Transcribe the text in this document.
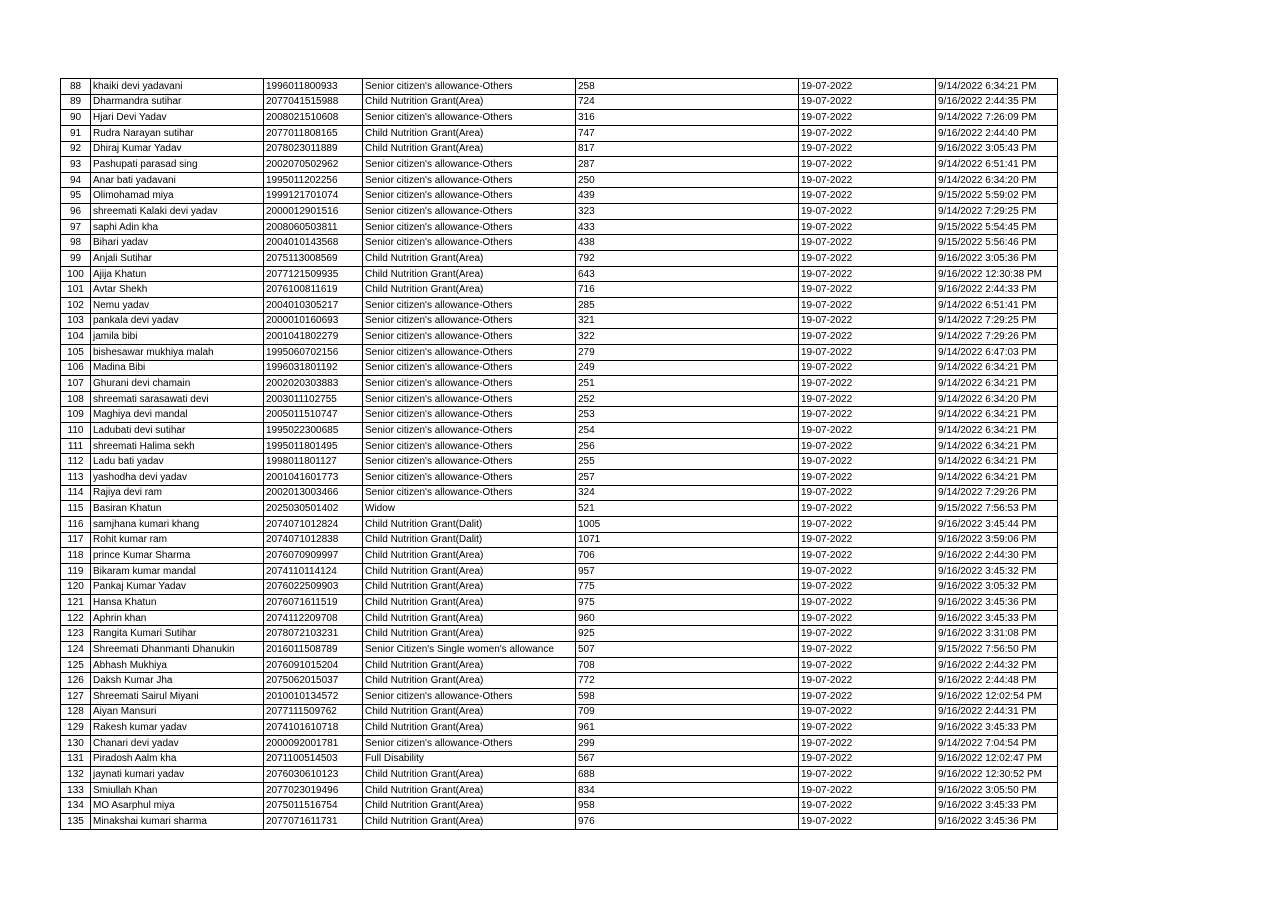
88	khaiki devi yadavani	1996011800933	Senior citizen's allowance-Others	258	19-07-2022	9/14/2022 6:34:21 PM
89	Dharmandra sutihar	2077041515988	Child Nutrition Grant(Area)	724	19-07-2022	9/16/2022 2:44:35 PM
90	Hjari Devi Yadav	2008021510608	Senior citizen's allowance-Others	316	19-07-2022	9/14/2022 7:26:09 PM
91	Rudra Narayan sutihar	2077011808165	Child Nutrition Grant(Area)	747	19-07-2022	9/16/2022 2:44:40 PM
92	Dhiraj Kumar Yadav	2078023011889	Child Nutrition Grant(Area)	817	19-07-2022	9/16/2022 3:05:43 PM
93	Pashupati parasad sing	2002070502962	Senior citizen's allowance-Others	287	19-07-2022	9/14/2022 6:51:41 PM
94	Anar bati yadavani	1995011202256	Senior citizen's allowance-Others	250	19-07-2022	9/14/2022 6:34:20 PM
95	Olimohamad miya	1999121701074	Senior citizen's allowance-Others	439	19-07-2022	9/15/2022 5:59:02 PM
96	shreemati Kalaki devi yadav	2000012901516	Senior citizen's allowance-Others	323	19-07-2022	9/14/2022 7:29:25 PM
97	saphi Adin kha	2008060503811	Senior citizen's allowance-Others	433	19-07-2022	9/15/2022 5:54:45 PM
98	Bihari yadav	2004010143568	Senior citizen's allowance-Others	438	19-07-2022	9/15/2022 5:56:46 PM
99	Anjali Sutihar	2075113008569	Child Nutrition Grant(Area)	792	19-07-2022	9/16/2022 3:05:36 PM
100	Ajija Khatun	2077121509935	Child Nutrition Grant(Area)	643	19-07-2022	9/16/2022 12:30:38 PM
101	Avtar Shekh	2076100811619	Child Nutrition Grant(Area)	716	19-07-2022	9/16/2022 2:44:33 PM
102	Nemu yadav	2004010305217	Senior citizen's allowance-Others	285	19-07-2022	9/14/2022 6:51:41 PM
103	pankala devi yadav	2000010160693	Senior citizen's allowance-Others	321	19-07-2022	9/14/2022 7:29:25 PM
104	jamila bibi	2001041802279	Senior citizen's allowance-Others	322	19-07-2022	9/14/2022 7:29:26 PM
105	bishesawar mukhiya malah	1995060702156	Senior citizen's allowance-Others	279	19-07-2022	9/14/2022 6:47:03 PM
106	Madina Bibi	1996031801192	Senior citizen's allowance-Others	249	19-07-2022	9/14/2022 6:34:21 PM
107	Ghurani devi chamain	2002020303883	Senior citizen's allowance-Others	251	19-07-2022	9/14/2022 6:34:21 PM
108	shreemati sarasawati devi	2003011102755	Senior citizen's allowance-Others	252	19-07-2022	9/14/2022 6:34:20 PM
109	Maghiya devi mandal	2005011510747	Senior citizen's allowance-Others	253	19-07-2022	9/14/2022 6:34:21 PM
110	Ladubati devi sutihar	1995022300685	Senior citizen's allowance-Others	254	19-07-2022	9/14/2022 6:34:21 PM
111	shreemati Halima sekh	1995011801495	Senior citizen's allowance-Others	256	19-07-2022	9/14/2022 6:34:21 PM
112	Ladu bati yadav	1998011801127	Senior citizen's allowance-Others	255	19-07-2022	9/14/2022 6:34:21 PM
113	yashodha devi yadav	2001041601773	Senior citizen's allowance-Others	257	19-07-2022	9/14/2022 6:34:21 PM
114	Rajiya devi ram	2002013003466	Senior citizen's allowance-Others	324	19-07-2022	9/14/2022 7:29:26 PM
115	Basiran Khatun	2025030501402	Widow	521	19-07-2022	9/15/2022 7:56:53 PM
116	samjhana kumari khang	2074071012824	Child Nutrition Grant(Dalit)	1005	19-07-2022	9/16/2022 3:45:44 PM
117	Rohit kumar ram	2074071012838	Child Nutrition Grant(Dalit)	1071	19-07-2022	9/16/2022 3:59:06 PM
118	prince Kumar Sharma	2076070909997	Child Nutrition Grant(Area)	706	19-07-2022	9/16/2022 2:44:30 PM
119	Bikaram kumar mandal	2074110114124	Child Nutrition Grant(Area)	957	19-07-2022	9/16/2022 3:45:32 PM
120	Pankaj Kumar Yadav	2076022509903	Child Nutrition Grant(Area)	775	19-07-2022	9/16/2022 3:05:32 PM
121	Hansa Khatun	2076071611519	Child Nutrition Grant(Area)	975	19-07-2022	9/16/2022 3:45:36 PM
122	Aphrin khan	2074112209708	Child Nutrition Grant(Area)	960	19-07-2022	9/16/2022 3:45:33 PM
123	Rangita Kumari Sutihar	2078072103231	Child Nutrition Grant(Area)	925	19-07-2022	9/16/2022 3:31:08 PM
124	Shreemati Dhanmanti Dhanukin	2016011508789	Senior Citizen's Single women's allowance	507	19-07-2022	9/15/2022 7:56:50 PM
125	Abhash Mukhiya	2076091015204	Child Nutrition Grant(Area)	708	19-07-2022	9/16/2022 2:44:32 PM
126	Daksh Kumar Jha	2075062015037	Child Nutrition Grant(Area)	772	19-07-2022	9/16/2022 2:44:48 PM
127	Shreemati Sairul Miyani	2010010134572	Senior citizen's allowance-Others	598	19-07-2022	9/16/2022 12:02:54 PM
128	Aiyan Mansuri	2077111509762	Child Nutrition Grant(Area)	709	19-07-2022	9/16/2022 2:44:31 PM
129	Rakesh kumar yadav	2074101610718	Child Nutrition Grant(Area)	961	19-07-2022	9/16/2022 3:45:33 PM
130	Chanari devi yadav	2000092001781	Senior citizen's allowance-Others	299	19-07-2022	9/14/2022 7:04:54 PM
131	Piradosh Aalm kha	2071100514503	Full Disability	567	19-07-2022	9/16/2022 12:02:47 PM
132	jaynati kumari yadav	2076030610123	Child Nutrition Grant(Area)	688	19-07-2022	9/16/2022 12:30:52 PM
133	Smiullah Khan	2077023019496	Child Nutrition Grant(Area)	834	19-07-2022	9/16/2022 3:05:50 PM
134	MO Asarphul miya	2075011516754	Child Nutrition Grant(Area)	958	19-07-2022	9/16/2022 3:45:33 PM
135	Minakshai kumari sharma	2077071611731	Child Nutrition Grant(Area)	976	19-07-2022	9/16/2022 3:45:36 PM
